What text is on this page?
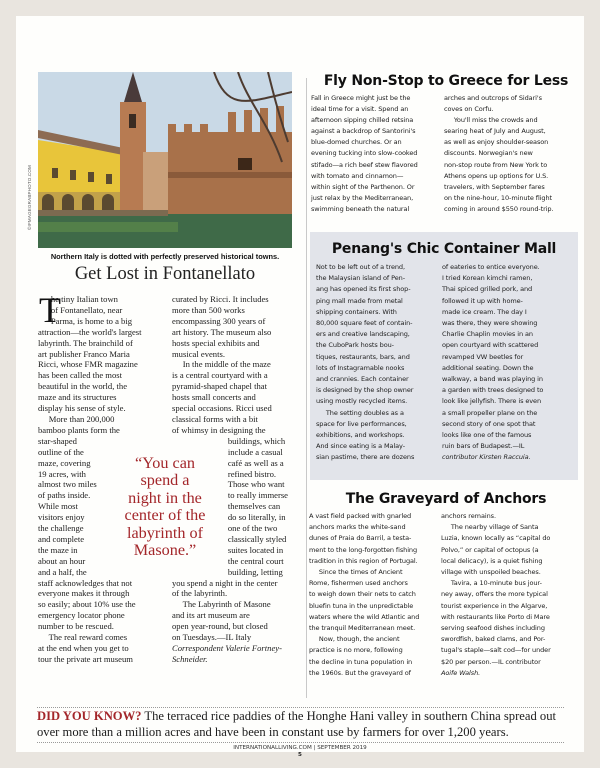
©IFMAGEGRABPHOTO.COM
Northern Italy is dotted with perfectly preserved historical towns.
Get Lost in Fontanellato
T
he tiny Italian town
of Fontanellato, near
Parma, is home to a big
attraction—the world's largest
labyrinth. The brainchild of
art publisher Franco Maria
Ricci, whose FMR magazine
has been called the most
beautiful in the world, the
maze and its structures
display his sense of style.
More than 200,000
bamboo plants form the
star-shaped
outline of the
maze, covering
19 acres, with
almost two miles
of paths inside.
While most
visitors enjoy
the challenge
and complete
the maze in
about an hour
and a half, the
staff acknowledges that not
everyone makes it through
so easily; about 10% use the
emergency locator phone
number to be rescued.
The real reward comes
at the end when you get to
tour the private art museum
curated by Ricci. It includes
more than 500 works
encompassing 300 years of
art history. The museum also
hosts special exhibits and
musical events.
In the middle of the maze
is a central courtyard with a
pyramid-shaped chapel that
hosts small concerts and
special occasions. Ricci used
classical forms with a bit
of whimsy in designing the
buildings, which
include a casual
café as well as a
refined bistro.
Those who want
to really immerse
themselves can
do so literally, in
one of the two
classically styled
suites located in
the central court
building, letting
you spend a night in the center
of the labyrinth.
The Labyrinth of Masone
and its art museum are
open year-round, but closed
on Tuesdays.—IL Italy
Correspondent Valerie Fortney-
Schneider.
“You can
spend a
night in the
center of the
labyrinth of
Masone.”
Fly Non-Stop to Greece for Less
Fall in Greece might just be the
ideal time for a visit. Spend an
afternoon sipping chilled retsina
against a backdrop of Santorini's
blue-domed churches. Or an
evening tucking into slow-cooked
stifado—a rich beef stew flavored
with tomato and cinnamon—
within sight of the Parthenon. Or
just relax by the Mediterranean,
swimming beneath the natural
arches and outcrops of Sidari's
coves on Corfu.
You'll miss the crowds and
searing heat of July and August,
as well as enjoy shoulder-season
discounts. Norwegian's new
non-stop route from New York to
Athens opens up options for U.S.
travelers, with September fares
on the nine-hour, 10-minute flight
coming in around $550 round-trip.
Penang's Chic Container Mall
Not to be left out of a trend,
the Malaysian island of Pen-
ang has opened its first shop-
ping mall made from metal
shipping containers. With
80,000 square feet of contain-
ers and creative landscaping,
the CuboPark hosts bou-
tiques, restaurants, bars, and
lots of Instagramable nooks
and crannies. Each container
is designed by the shop owner
using mostly recycled items.
The setting doubles as a
space for live performances,
exhibitions, and workshops.
And since eating is a Malay-
sian pastime, there are dozens
of eateries to entice everyone.
I tried Korean kimchi ramen,
Thai spiced grilled pork, and
followed it up with home-
made ice cream. The day I
was there, they were showing
Charlie Chaplin movies in an
open courtyard with scattered
revamped VW beetles for
additional seating. Down the
walkway, a band was playing in
a garden with trees designed to
look like jellyfish. There is even
a small propeller plane on the
second story of one spot that
looks like one of the famous
ruin bars of Budapest.—IL
contributor Kirsten Raccuia.
The Graveyard of Anchors
A vast field packed with gnarled
anchors marks the white-sand
dunes of Praia do Barril, a testa-
ment to the long-forgotten fishing
tradition in this region of Portugal.
Since the times of Ancient
Rome, fishermen used anchors
to weigh down their nets to catch
bluefin tuna in the unpredictable
waters where the wild Atlantic and
the tranquil Mediterranean meet.
Now, though, the ancient
practice is no more, following
the decline in tuna population in
the 1960s. But the graveyard of
anchors remains.
The nearby village of Santa
Luzia, known locally as “capital do
Polvo,” or capital of octopus (a
local delicacy), is a quiet fishing
village with unspoiled beaches.
Tavira, a 10-minute bus jour-
ney away, offers the more typical
tourist experience in the Algarve,
with restaurants like Porto di Mare
serving seafood dishes including
swordfish, baked clams, and Por-
tugal's staple—salt cod—for under
$20 per person.—IL contributor
Aoife Walsh.
DID YOU KNOW? The terraced rice paddies of the Honghe Hani valley in southern China spread out
over more than a million acres and have been in constant use by farmers for over 1,200 years.
INTERNATIONALLIVING.COM | SEPTEMBER 2019
5
